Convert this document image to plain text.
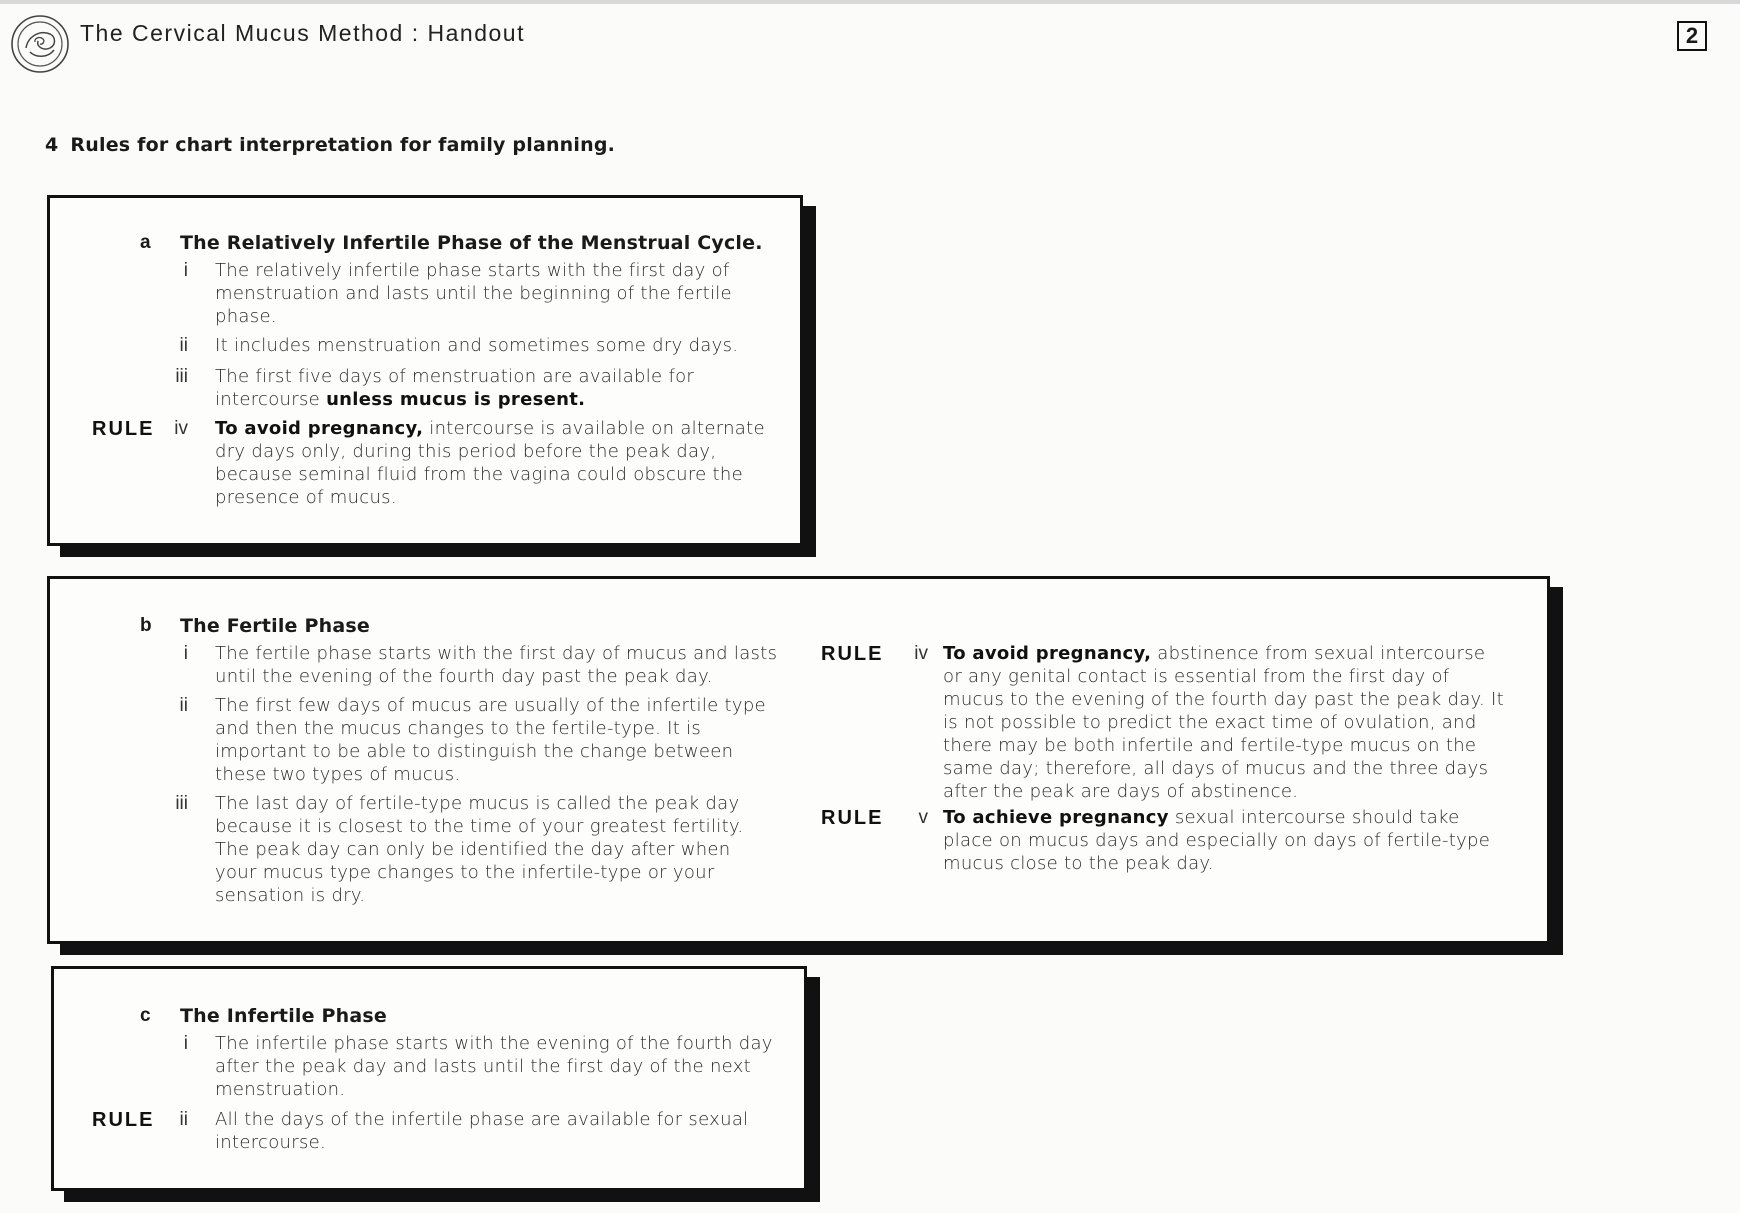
The Cervical Mucus Method : Handout	2
4 Rules for chart interpretation for family planning.
a The Relatively Infertile Phase of the Menstrual Cycle.
i The relatively infertile phase starts with the first day of menstruation and lasts until the beginning of the fertile phase.
ii It includes menstruation and sometimes some dry days.
iii The first five days of menstruation are available for intercourse unless mucus is present.
RULE	iv To avoid pregnancy, intercourse is available on alternate dry days only, during this period before the peak day, because seminal fluid from the vagina could obscure the presence of mucus.
b The Fertile Phase
i The fertile phase starts with the first day of mucus and lasts until the evening of the fourth day past the peak day.
ii The first few days of mucus are usually of the infertile type and then the mucus changes to the fertile-type. It is important to be able to distinguish the change between these two types of mucus.
iii The last day of fertile-type mucus is called the peak day because it is closest to the time of your greatest fertility. The peak day can only be identified the day after when your mucus type changes to the infertile-type or your sensation is dry.
RULE	iv To avoid pregnancy, abstinence from sexual intercourse or any genital contact is essential from the first day of mucus to the evening of the fourth day past the peak day. It is not possible to predict the exact time of ovulation, and there may be both infertile and fertile-type mucus on the same day; therefore, all days of mucus and the three days after the peak are days of abstinence.
RULE	v To achieve pregnancy sexual intercourse should take place on mucus days and especially on days of fertile-type mucus close to the peak day.
c The Infertile Phase
i The infertile phase starts with the evening of the fourth day after the peak day and lasts until the first day of the next menstruation.
RULE	ii All the days of the infertile phase are available for sexual intercourse.
